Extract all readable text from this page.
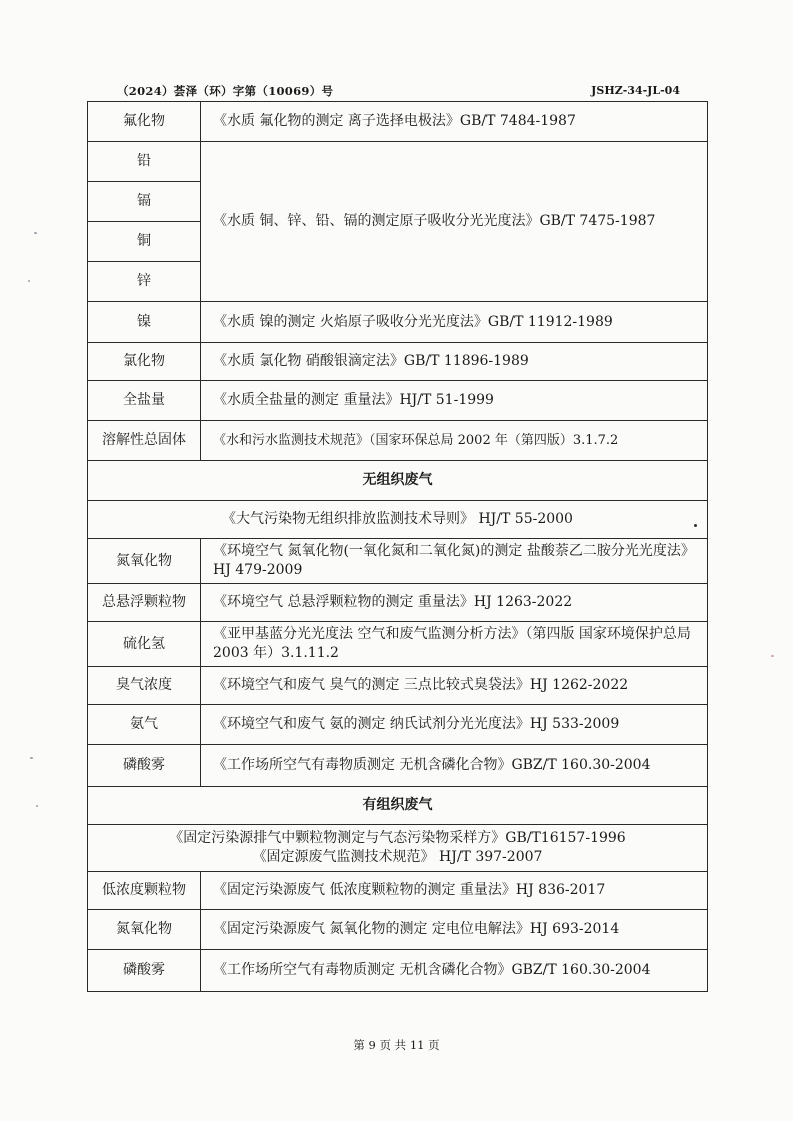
（2024）荟泽（环）字第（10069）号	JSHZ-34-JL-04
氟化物	《水质 氟化物的测定 离子选择电极法》GB/T 7484-1987
铅	《水质 铜、锌、铅、镉的测定原子吸收分光光度法》GB/T 7475-1987
镉	
铜	
锌	
镍	《水质 镍的测定 火焰原子吸收分光光度法》GB/T 11912-1989
氯化物	《水质 氯化物 硝酸银滴定法》GB/T 11896-1989
全盐量	《水质全盐量的测定 重量法》HJ/T 51-1999
溶解性总固体	《水和污水监测技术规范》（国家环保总局 2002 年（第四版）3.1.7.2
无组织废气	
《大气污染物无组织排放监测技术导则》 HJ/T 55-2000	
氮氧化物	《环境空气 氮氧化物(一氧化氮和二氧化氮)的测定 盐酸萘乙二胺分光光度法》HJ 479-2009
总悬浮颗粒物	《环境空气 总悬浮颗粒物的测定 重量法》HJ 1263-2022
硫化氢	《亚甲基蓝分光光度法 空气和废气监测分析方法》（第四版 国家环境保护总局 2003 年）3.1.11.2
臭气浓度	《环境空气和废气 臭气的测定 三点比较式臭袋法》HJ 1262-2022
氨气	《环境空气和废气 氨的测定 纳氏试剂分光光度法》HJ 533-2009
磷酸雾	《工作场所空气有毒物质测定 无机含磷化合物》GBZ/T 160.30-2004
有组织废气	

《固定污染源排气中颗粒物测定与气态污染物采样方》GB/T16157-1996
《固定源废气监测技术规范》 HJ/T 397-2007	

低浓度颗粒物	《固定污染源废气 低浓度颗粒物的测定 重量法》HJ 836-2017
氮氧化物	《固定污染源废气 氮氧化物的测定 定电位电解法》HJ 693-2014
磷酸雾	《工作场所空气有毒物质测定 无机含磷化合物》GBZ/T 160.30-2004
第 9 页 共 11 页
